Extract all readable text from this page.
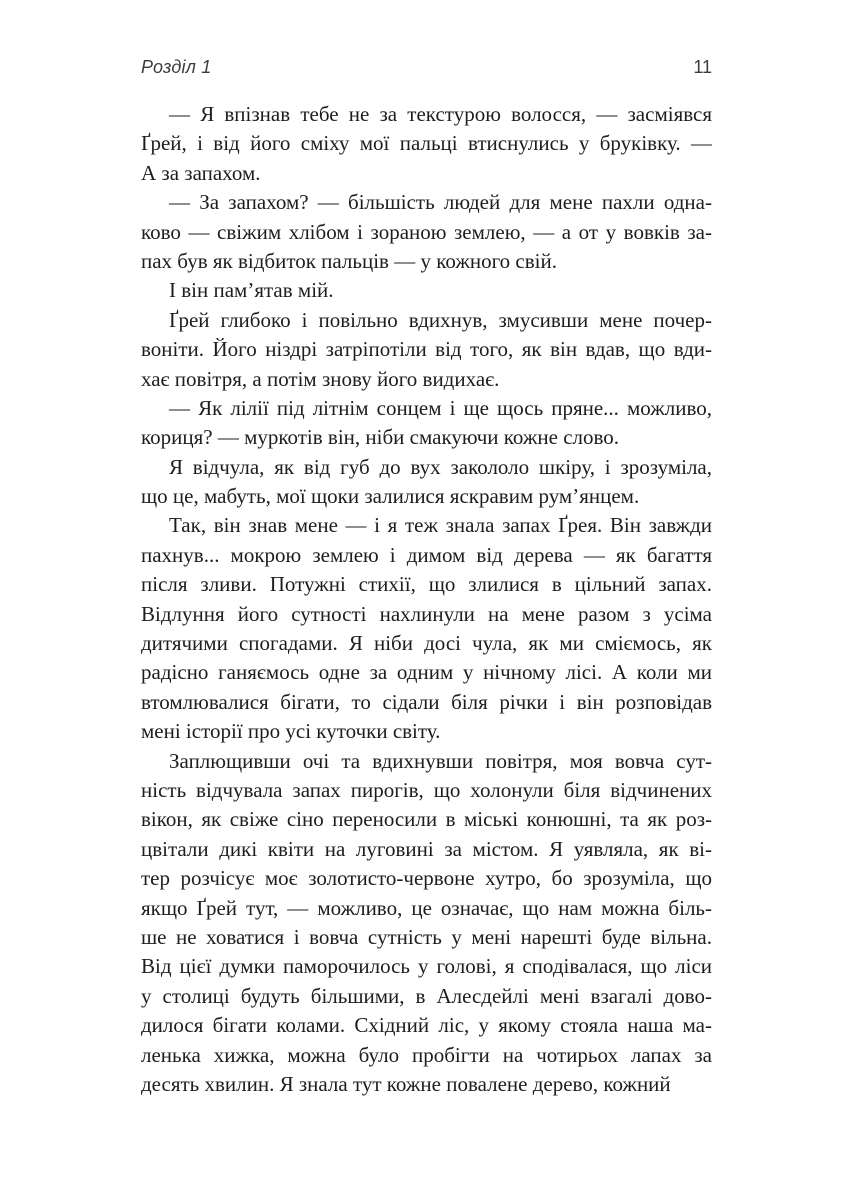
Розділ 1	11
— Я впізнав тебе не за текстурою волосся, — засміявся
Ґрей, і від його сміху мої пальці втиснулись у бруківку. —
А за запахом.
— За запахом? — більшість людей для мене пахли одна-
ково — свіжим хлібом і зораною землею, — а от у вовків за-
пах був як відбиток пальців — у кожного свій.
І він пам’ятав мій.
Ґрей глибоко і повільно вдихнув, змусивши мене почер-
воніти. Його ніздрі затріпотіли від того, як він вдав, що вди-
хає повітря, а потім знову його видихає.
— Як лілії під літнім сонцем і ще щось пряне... можливо,
кориця? — муркотів він, ніби смакуючи кожне слово.
Я відчула, як від губ до вух закололо шкіру, і зрозуміла,
що це, мабуть, мої щоки залилися яскравим рум’янцем.
Так, він знав мене — і я теж знала запах Ґрея. Він завжди
пахнув... мокрою землею і димом від дерева — як багаття
після зливи. Потужні стихії, що злилися в цільний запах.
Відлуння його сутності нахлинули на мене разом з усіма
дитячими спогадами. Я ніби досі чула, як ми сміємось, як
радісно ганяємось одне за одним у нічному лісі. А коли ми
втомлювалися бігати, то сідали біля річки і він розповідав
мені історії про усі куточки світу.
Заплющивши очі та вдихнувши повітря, моя вовча сут-
ність відчувала запах пирогів, що холонули біля відчинених
вікон, як свіже сіно переносили в міські конюшні, та як роз-
цвітали дикі квіти на луговині за містом. Я уявляла, як ві-
тер розчісує моє золотисто-червоне хутро, бо зрозуміла, що
якщо Ґрей тут, — можливо, це означає, що нам можна біль-
ше не ховатися і вовча сутність у мені нарешті буде вільна.
Від цієї думки паморочилось у голові, я сподівалася, що ліси
у столиці будуть більшими, в Алесдейлі мені взагалі дово-
дилося бігати колами. Східний ліс, у якому стояла наша ма-
ленька хижка, можна було пробігти на чотирьох лапах за
десять хвилин. Я знала тут кожне повалене дерево, кожний
